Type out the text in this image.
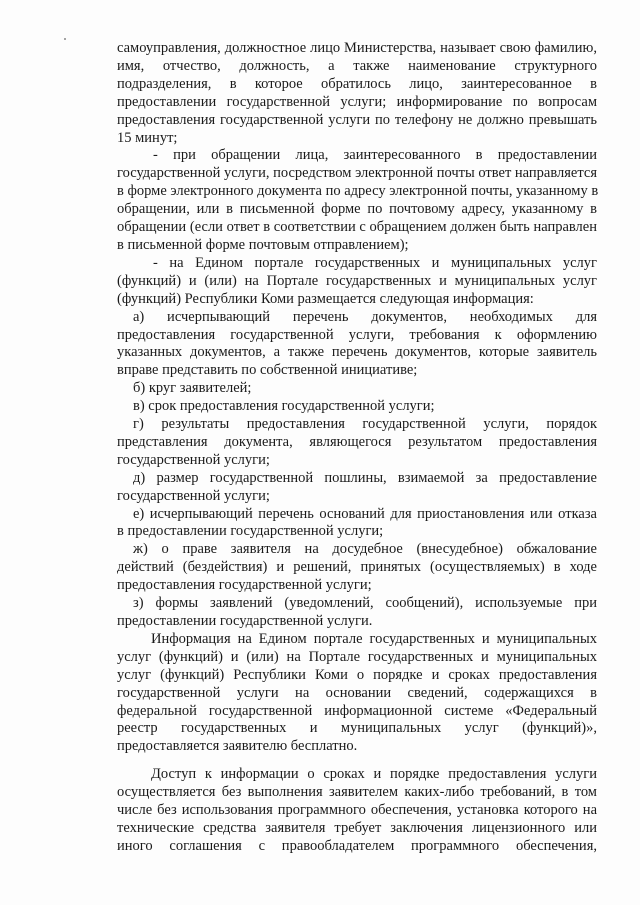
самоуправления, должностное лицо Министерства, называет свою фамилию,
имя, отчество, должность, а также наименование структурного
подразделения, в которое обратилось лицо, заинтересованное в
предоставлении государственной услуги; информирование по вопросам
предоставления государственной услуги по телефону не должно превышать
15 минут;
- при обращении лица, заинтересованного в предоставлении
государственной услуги, посредством электронной почты ответ направляется
в форме электронного документа по адресу электронной почты, указанному в
обращении, или в письменной форме по почтовому адресу, указанному в
обращении (если ответ в соответствии с обращением должен быть направлен
в письменной форме почтовым отправлением);
- на Едином портале государственных и муниципальных услуг
(функций) и (или) на Портале государственных и муниципальных услуг
(функций) Республики Коми размещается следующая информация:
а) исчерпывающий перечень документов, необходимых для
предоставления государственной услуги, требования к оформлению
указанных документов, а также перечень документов, которые заявитель
вправе представить по собственной инициативе;
б) круг заявителей;
в) срок предоставления государственной услуги;
г) результаты предоставления государственной услуги, порядок
представления документа, являющегося результатом предоставления
государственной услуги;
д) размер государственной пошлины, взимаемой за предоставление
государственной услуги;
е) исчерпывающий перечень оснований для приостановления или отказа
в предоставлении государственной услуги;
ж) о праве заявителя на досудебное (внесудебное) обжалование
действий (бездействия) и решений, принятых (осуществляемых) в ходе
предоставления государственной услуги;
з) формы заявлений (уведомлений, сообщений), используемые при
предоставлении государственной услуги.
Информация на Едином портале государственных и муниципальных
услуг (функций) и (или) на Портале государственных и муниципальных
услуг (функций) Республики Коми о порядке и сроках предоставления
государственной услуги на основании сведений, содержащихся в
федеральной государственной информационной системе «Федеральный
реестр государственных и муниципальных услуг (функций)»,
предоставляется заявителю бесплатно.
Доступ к информации о сроках и порядке предоставления услуги
осуществляется без выполнения заявителем каких-либо требований, в том
числе без использования программного обеспечения, установка которого на
технические средства заявителя требует заключения лицензионного или
иного соглашения с правообладателем программного обеспечения,
